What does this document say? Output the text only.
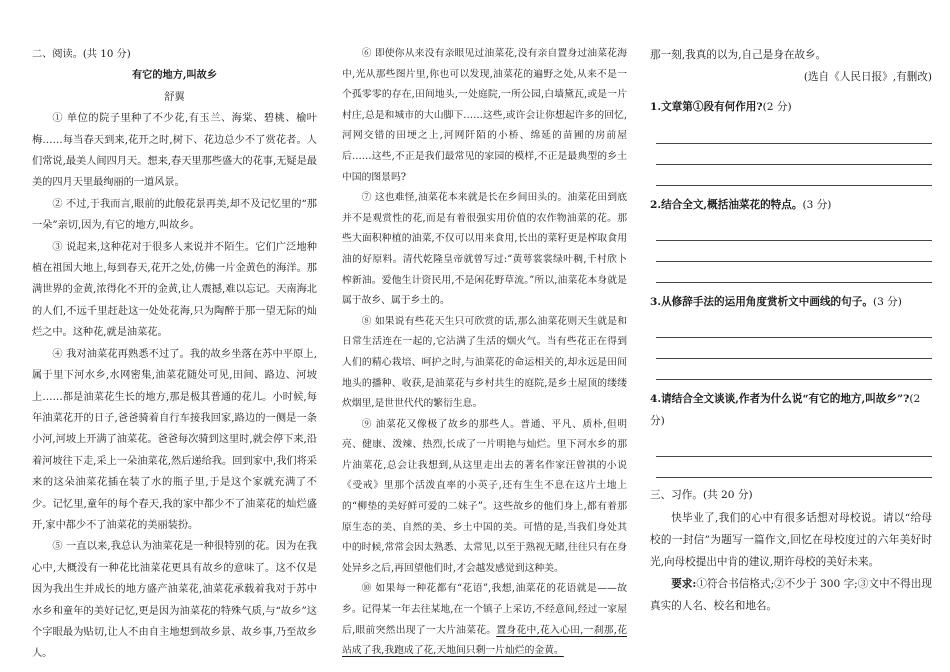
二、阅读。(共 10 分)

有它的地方,叫故乡

舒翼

① 单位的院子里种了不少花,有玉兰、海棠、碧桃、榆叶梅……每当春天到来,花开之时,树下、花边总少不了赏花者。人们常说,最美人间四月天。想来,春天里那些盛大的花事,无疑是最美的四月天里最绚丽的一道风景。

② 不过,于我而言,眼前的此般花景再美,却不及记忆里的“那一朵”亲切,因为,有它的地方,叫故乡。

③ 说起来,这种花对于很多人来说并不陌生。它们广泛地种植在祖国大地上,每到春天,花开之处,仿佛一片金黄色的海洋。那满世界的金黄,浓得化不开的金黄,让人震撼,难以忘记。天南海北的人们,不远千里赶赴这一处处花海,只为陶醉于那一望无际的灿烂之中。这种花,就是油菜花。

④ 我对油菜花再熟悉不过了。我的故乡坐落在苏中平原上,属于里下河水乡,水网密集,油菜花随处可见,田间、路边、河坡上……都是油菜花生长的地方,那是极其普通的花儿。小时候,每年油菜花开的日子,爸爸骑着自行车接我回家,路边的一侧是一条小河,河坡上开满了油菜花。爸爸每次骑到这里时,就会停下来,沿着河坡往下走,采上一朵油菜花,然后递给我。回到家中,我们将采来的这朵油菜花插在装了水的瓶子里,于是这个家就充满了不少。记忆里,童年的每个春天,我的家中都少不了油菜花的灿烂盛开,家中都少不了油菜花的美丽装扮。

⑤ 一直以来,我总认为油菜花是一种很特别的花。因为在我心中,大概没有一种花比油菜花更具有故乡的意味了。这不仅是因为我出生并成长的地方盛产油菜花,油菜花承载着我对于苏中水乡和童年的美好记忆,更是因为油菜花的特殊气质,与“故乡”这个字眼最为贴切,让人不由自主地想到故乡景、故乡事,乃至故乡人。

⑥ 即使你从来没有亲眼见过油菜花,没有亲自置身过油菜花海中,光从那些图片里,你也可以发现,油菜花的遍野之处,从来不是一个孤零零的存在,田间地头,一处庭院,一所公园,白墙黛瓦,或是一片村庄,总是和城市的大山脚下……这些,或许会让你想起许多的回忆,河网交错的田埂之上,河网阡陌的小桥、绵延的苗圃的房前屋后……这些,不正是我们最常见的家园的模样,不正是最典型的乡土中国的图景吗?

⑦ 这也难怪,油菜花本来就是长在乡间田头的。油菜花田到底并不是观赏性的花,而是有着很强实用价值的农作物油菜的花。那些大面积种植的油菜,不仅可以用来食用,长出的菜籽更是榨取食用油的好原料。清代乾隆皇帝就曾写过:“黄萼裳裳绿叶稠,千村欣卜榨新油。爱他生计资民用,不是闲花野草流。”所以,油菜花本身就是属于故乡、属于乡土的。

⑧ 如果说有些花天生只可欣赏的话,那么油菜花则天生就是和日常生活连在一起的,它沾满了生活的烟火气。当有些花正在得到人们的精心栽培、呵护之时,与油菜花的命运相关的,却永远是田间地头的播种、收获,是油菜花与乡村共生的庭院,是乡土屋顶的缕缕炊烟里,是世世代代的繁衍生息。

⑨ 油菜花又像极了故乡的那些人。普通、平凡、质朴,但明亮、健康、泼辣、热烈,长成了一片明艳与灿烂。里下河水乡的那片油菜花,总会让我想到,从这里走出去的著名作家汪曾祺的小说《受戒》里那个活泼直率的小英子,还有生生不息在这片土地上的“柳垫的美好鲜可爱的二妹子”。这些故乡的他们身上,都有着那原生态的美、自然的美、乡土中国的美。可惜的是,当我们身处其中的时候,常常会因太熟悉、太常见,以至于熟视无睹,往往只有在身处异乡之后,再回望他们时,才会越发感觉到这种美。

⑩ 如果每一种花都有“花语”,我想,油菜花的花语就是——故乡。记得某一年去往某地,在一个镇子上采访,不经意间,经过一家屋后,眼前突然出现了一大片油菜花。置身花中,花入心田,一刹那,花站成了我,我跑成了花,天地间只剩一片灿烂的金黄。

那一刻,我真的以为,自己是身在故乡。

(选自《人民日报》,有删改)

1.文章第①段有何作用?(2 分)

2.结合全文,概括油菜花的特点。(3 分)

3.从修辞手法的运用角度赏析文中画线的句子。(3 分)

4.请结合全文谈谈,作者为什么说“有它的地方,叫故乡”?(2 分)

三、习作。(共 20 分)

快毕业了,我们的心中有很多话想对母校说。请以“给母校的一封信”为题写一篇作文,回忆在母校度过的六年美好时光,向母校提出中肯的建议,期许母校的美好未来。

要求:①符合书信格式;②不少于 300 字;③文中不得出现真实的人名、校名和地名。
